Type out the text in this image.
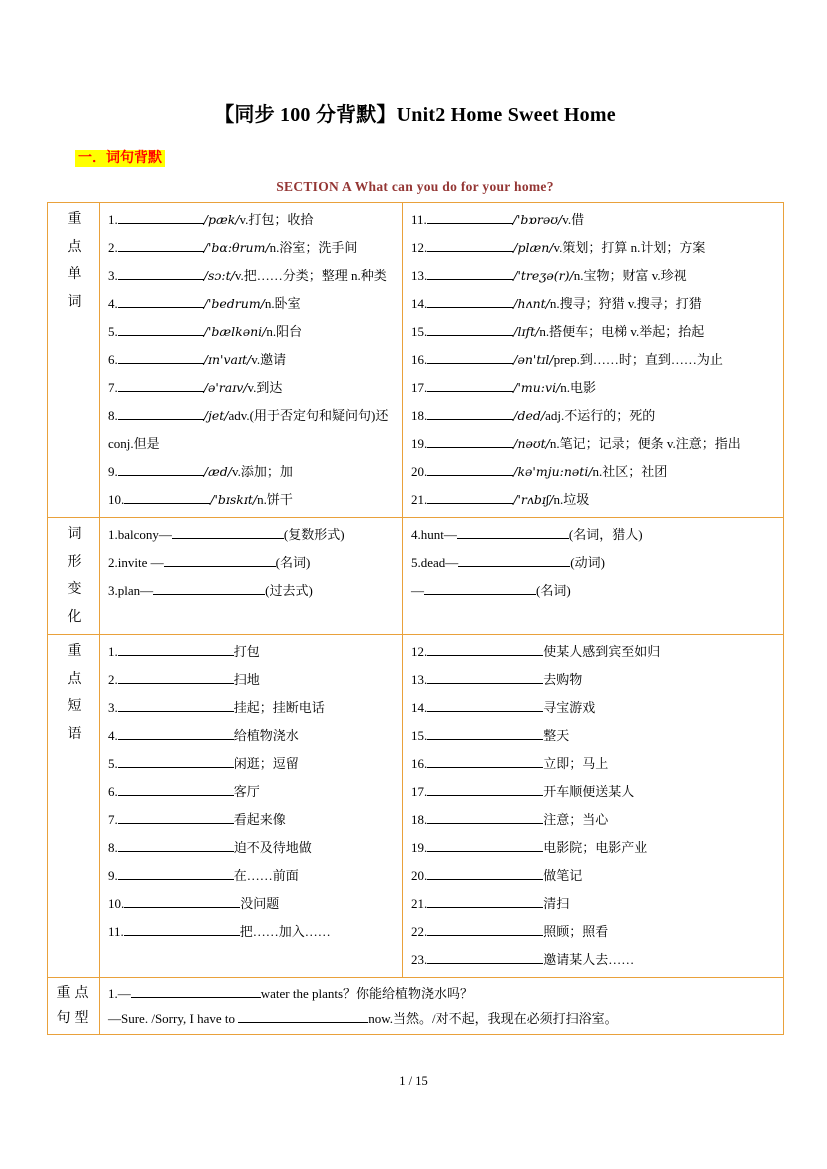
【同步 100 分背默】Unit2 Home Sweet Home
一．词句背默
SECTION A What can you do for your home?
重
点
单
词

1.	/pæk/v.打包；收拾
2.	/'bɑ:θrum/n.浴室；洗手间
3.	/sɔ:t/v.把……分类；整理 n.种类
4.	/'bedrum/n.卧室
5.	/'bælkəni/n.阳台
6.	/ɪn'vaɪt/v.邀请
7.	/ə'raɪv/v.到达
8.	/jet/adv.(用于否定句和疑问句)还 conj.但是
9.	/æd/v.添加；加
10.	/'bɪskɪt/n.饼干

11.	/'bɒrəʊ/v.借
12.	/plæn/v.策划；打算 n.计划；方案
13.	/'treʒə(r)/n.宝物；财富 v.珍视
14.	/hʌnt/n.搜寻；狩猎 v.搜寻；打猎
15.	/lɪft/n.搭便车；电梯 v.举起；抬起
16.	/ən'tɪl/prep.到……时；直到……为止
17.	/'mu:vi/n.电影
18.	/ded/adj.不运行的；死的
19.	/nəʊt/n.笔记；记录；便条 v.注意；指出
20.	/kə'mju:nəti/n.社区；社团
21.	/'rʌbɪʃ/n.垃圾

词
形
变
化

1.balcony—	(复数形式)
2.invite —	(名词)
3.plan—	(过去式)

4.hunt—	(名词，猎人)
5.dead—	(动词)
—	(名词)

重
点
短
语

1.	打包
2.	扫地
3.	挂起；挂断电话
4.	给植物浇水
5.	闲逛；逗留
6.	客厅
7.	看起来像
8.	迫不及待地做
9.	在……前面
10.	没问题
11.	把……加入……

12.	使某人感到宾至如归
13.	去购物
14.	寻宝游戏
15.	整天
16.	立即；马上
17.	开车顺便送某人
18.	注意；当心
19.	电影院；电影产业
20.	做笔记
21.	清扫
22.	照顾；照看
23.	邀请某人去……

重点
句型

1.—	water the plants？你能给植物浇水吗？
—Sure. /Sorry, I have to	now.当然。/对不起，我现在必须打扫浴室。
1 / 15
